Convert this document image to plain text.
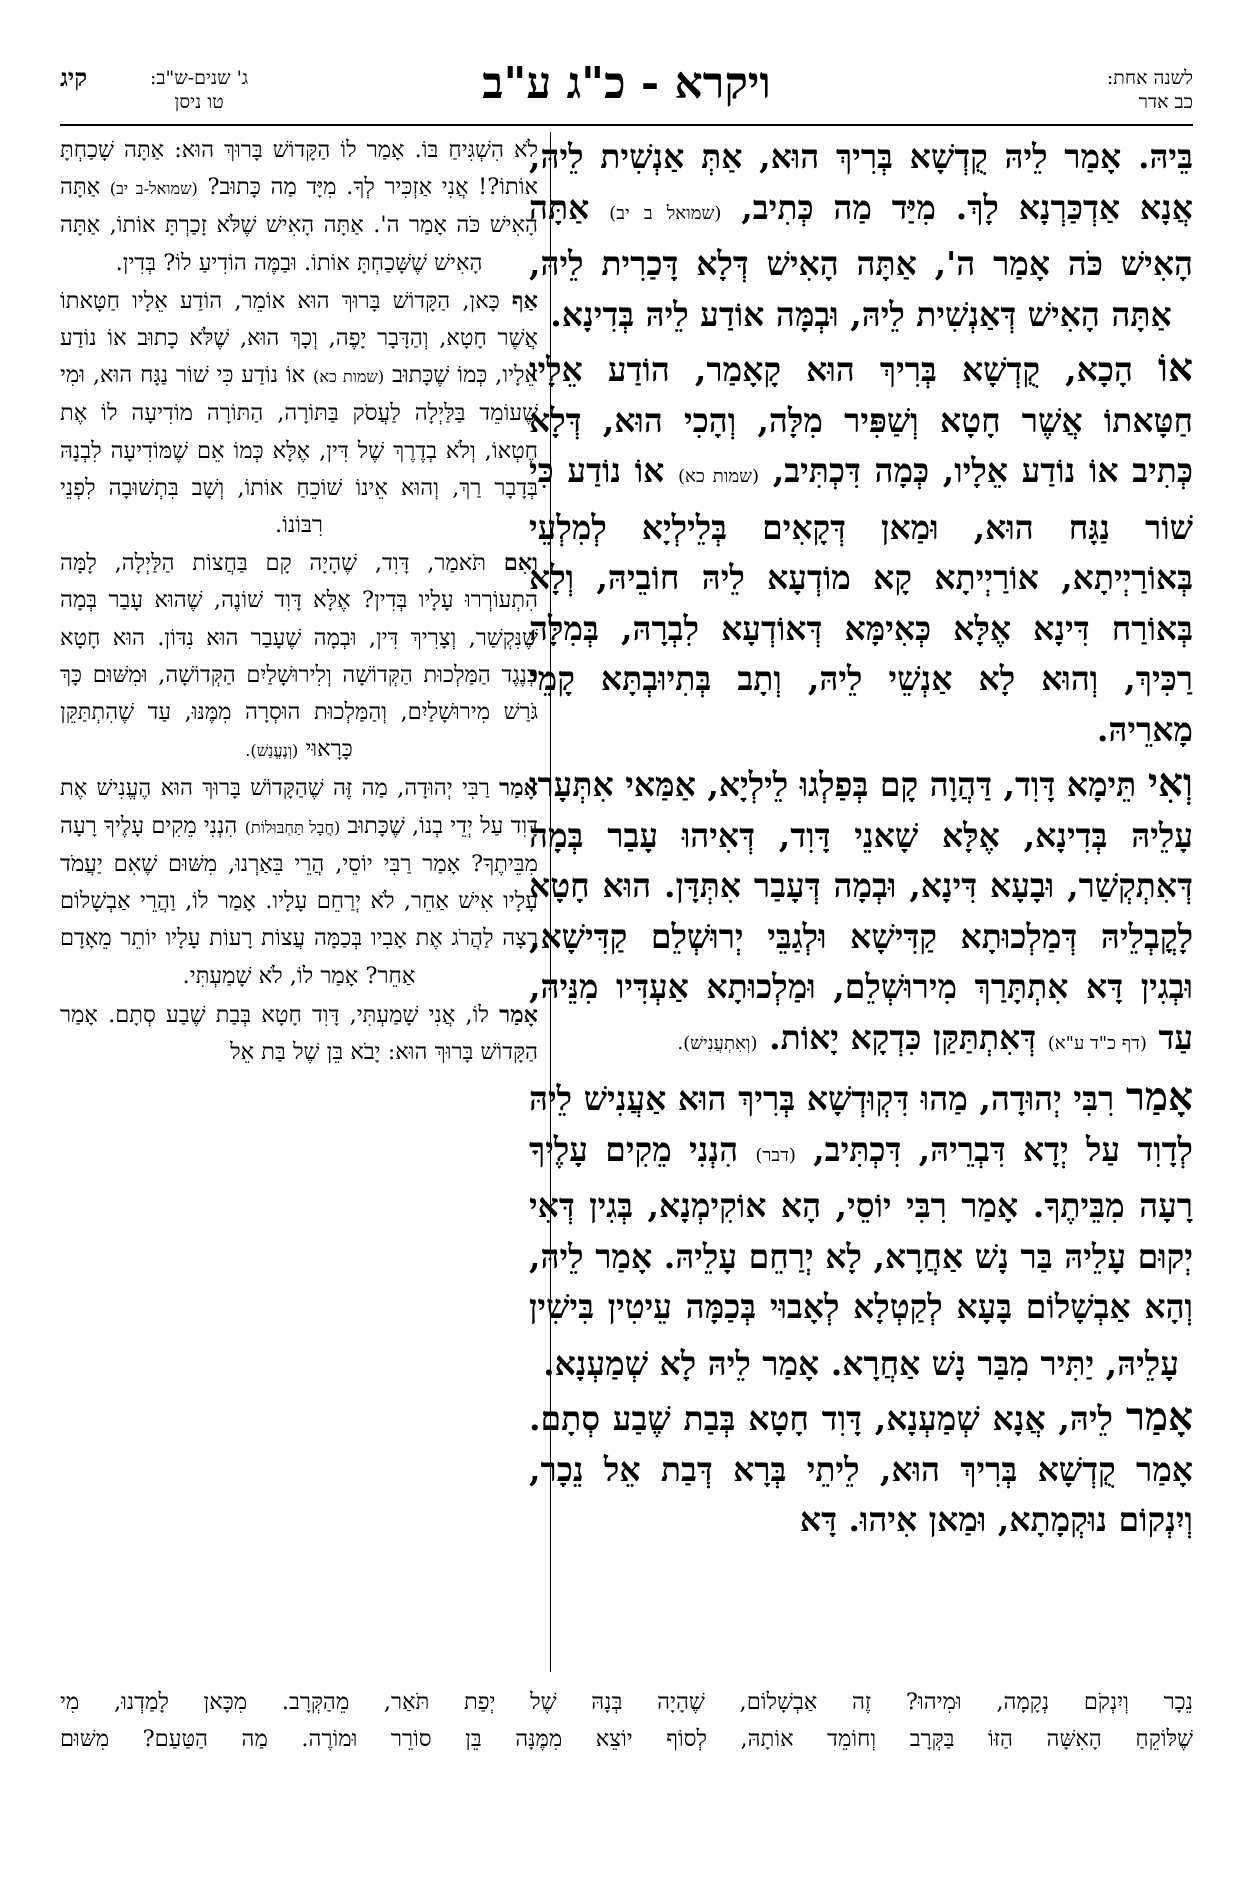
לשנה אחת:
כב אדר
ויקרא - כ"ג ע"ב
קיג	ג' שנים-ש"ב:
טו ניסן

בֵּיהּ. אָמַר לֵיהּ קֻדְשָׁא בְּרִיךְ הוּא, אַתְּ אַנְשִׁית לֵיהּ, אֲנָא אַדְכַּרְנָא לָךְ. מִיַּד מַה כְּתִיב, (שמואל ב יב) אַתָּה הָאִישׁ כֹּה אָמַר ה', אַתָּה הָאִישׁ דְּלָא דָּכַרִית לֵיהּ, אַתָּה הָאִישׁ דְּאַנְשִׁית לֵיהּ, וּבְמָּה אוֹדַע לֵיהּ בְּדִינָא.

אוֹ הָכָא, קֻדְשָׁא בְּרִיךְ הוּא קָאָמַר, הוֹדַע אֵלָיו חַטָּאתוֹ אֲשֶׁר חָטָא וְשַׁפִּיר מִלָּה, וְהָכִי הוּא, דְּלָא כְּתִיב אוֹ נוֹדַע אֵלָיו, כְּמָה דִּכְתִּיב, (שמות כא) אוֹ נוֹדַע כִּי שׁוֹר נַגָּח הוּא, וּמַאן דְּקָאִים בְּלֵילְיָא לְמִלְעֵי בְּאוֹרַיְיתָא, אוֹרַיְיתָא קָא מוֹדְעָא לֵיהּ חוֹבֵיהּ, וְלָא בְּאוֹרַח דִּינָא אֶלָּא כְּאִימָּא דְּאוֹדְעָא לִבְרָהּ, בְּמִלָּה רַכִּיךְ, וְהוּא לָא אַנְשֵׁי לֵיהּ, וְתָב בְּתִיוּבְתָּא קָמֵי מָארֵיהּ.

וְאִי תֵּימָא דָּוִד, דַּהֲוָה קָם בְּפַלְגוּ לֵילְיָא, אַמַּאי אִתְּעָרוּ עָלֵיהּ בְּדִינָא, אֶלָּא שָׁאנֵי דָּוִד, דְּאִיהוּ עָבַר בְּמָה דְּאִתְקְשַׁר, וּבָעָא דִּינָא, וּבְמָה דְּעָבַר אִתְּדָּן. הוּא חָטָא לָקֳבְלֵיהּ דְּמַלְכוּתָא קַדִּישָׁא וּלְגַבֵּי יְרוּשְׁלֵם קַדִּישָׁא, וּבְגִין דָּא אִתְתָּרַךְ מִירוּשְׁלֵם, וּמַלְכוּתָא אַעְדִּיו מִנֵּיהּ, עַד (דף כ"ד ע"א) דְּאִתְתַּקַּן כִּדְקָא יָאוֹת. (וְאִתְעֲנִישׁ).

אָמַר רִבִּי יְהוּדָה, מַהוּ דִּקְוּדְשָׁא בְּרִיךְ הוּא אַעֲנִישׁ לֵיהּ לְדָוִד עַל יְדָא דִּבְרֵיהּ, דִּכְתִּיב, (דבר) הִנְנִי מֵקִים עָלֶיךָ רָעָה מִבֵּיתֶךָ. אָמַר רִבִּי יוֹסֵי, הָא אוֹקִימְנָא, בְּגִין דְּאִי יְקוּם עָלֵיהּ בַּר נָשׁ אַחֲרָא, לָא יְרַחֵם עָלֵיהּ. אָמַר לֵיהּ, וְהָא אַבְשָׁלוֹם בָּעָא לְקַטְלָא לְאָבוּי בְּכַמָּה עֵיטִין בִּישִׁין עָלֵיהּ, יַתִּיר מִבַּר נָשׁ אַחֲרָא. אָמַר לֵיהּ לָא שְׁמַעְנָא.

אָמַר לֵיהּ, אֲנָא שְׁמַעְנָא, דָּוִד חָטָא בְּבַת שֶׁבַע סְתָם. אָמַר קֻדְשָׁא בְּרִיךְ הוּא, לֵיתֵי בְּרָא דְּבַת אֵל נֵכָר, וְיִנְקוֹם נוּקְמָתָא, וּמַאן אִיהוּ. דָּא

לֹא הִשְׁגִּיחַ בּוֹ. אָמַר לוֹ הַקָּדוֹשׁ בָּרוּךְ הוּא: אַתָּה שָׁכַחְתָּ אוֹתוֹ?! אֲנִי אַזְכִּיר לְךָ. מִיָּד מַה כָּתוּב? (שמואל-ב יב) אַתָּה הָאִישׁ כֹּה אָמַר ה'. אַתָּה הָאִישׁ שֶׁלֹּא זָכַרְתָּ אוֹתוֹ, אַתָּה הָאִישׁ שֶׁשָּׁכַחְתָּ אוֹתוֹ. וּבַמֶּה הוֹדִיעַ לוֹ? בְּדִין.

אַף כָּאן, הַקָּדוֹשׁ בָּרוּךְ הוּא אוֹמֵר, הוֹדַע אֵלָיו חַטָּאתוֹ אֲשֶׁר חָטָא, וְהַדָּבָר יָפֶה, וְכָךְ הוּא, שֶׁלֹּא כָתוּב אוֹ נוֹדַע אֵלָיו, כְּמוֹ שֶׁכָּתוּב (שמות כא) אוֹ נוֹדַע כִּי שׁוֹר נַגָּח הוּא, וּמִי שֶׁעוֹמֵד בַּלַּיְלָה לַעֲסֹק בַּתּוֹרָה, הַתּוֹרָה מוֹדִיעָה לוֹ אֶת חֶטְאוֹ, וְלֹא בְדֶרֶךְ שֶׁל דִּין, אֶלָּא כְּמוֹ אֵם שֶׁמּוֹדִיעָה לִבְנָהּ בְּדָבָר רַךְ, וְהוּא אֵינוֹ שׁוֹכֵחַ אוֹתוֹ, וְשָׁב בִּתְשׁוּבָה לִפְנֵי רִבּוֹנוֹ.

וְאִם תֹּאמַר, דָּוִד, שֶׁהָיָה קָם בַּחֲצוֹת הַלַּיְלָה, לָמָּה הִתְעוֹרְרוּ עָלָיו בְּדִין? אֶלָּא דָּוִד שׁוֹנֶה, שֶׁהוּא עָבַר בְּמָה שֶׁנִּקְשַׁר, וְצָרִיךְ דִּין, וּבְמָה שֶׁעָבַר הוּא נִדּוֹן. הוּא חָטָא כְּנֶגֶד הַמַּלְכוּת הַקְּדוֹשָׁה וְלִירוּשָׁלַיִם הַקְּדוֹשָׁה, וּמִשּׁוּם כָּךְ גֹּרַשׁ מִירוּשָׁלַיִם, וְהַמַּלְכוּת הוּסְרָה מִמֶּנּוּ, עַד שֶׁהִתְתַּקֵּן כָּרָאוּי (וְנֶעֱנַשׁ).

אָמַר רַבִּי יְהוּדָה, מַה זֶּה שֶׁהַקָּדוֹשׁ בָּרוּךְ הוּא הֶעֱנִישׁ אֶת דָּוִד עַל יְדֵי בְנוֹ, שֶׁכָּתוּב (חֲבָל תַּחְבּוּלוֹת) הִנְנִי מֵקִים עָלֶיךָ רָעָה מִבֵּיתֶךָ? אָמַר רַבִּי יוֹסֵי, הֲרֵי בֵּאַרְנוּ, מִשּׁוּם שֶׁאִם יַעֲמֹד עָלָיו אִישׁ אַחֵר, לֹא יְרַחֵם עָלָיו. אָמַר לוֹ, וַהֲרֵי אַבְשָׁלוֹם רָצָה לַהֲרֹג אֶת אָבִיו בְּכַמָּה עֲצוֹת רָעוֹת עָלָיו יוֹתֵר מֵאָדָם אַחֵר? אָמַר לוֹ, לֹא שָׁמַעְתִּי.

אָמַר לוֹ, אֲנִי שָׁמַעְתִּי, דָּוִד חָטָא בְּבַת שֶׁבַע סְתָם. אָמַר הַקָּדוֹשׁ בָּרוּךְ הוּא: יָבֹא בֵּן שֶׁל בַּת אֵל

נֵכָר וְיִנְקֹם נְקָמָה, וּמִיהוּ? זֶה אַבְשָׁלוֹם, שֶׁהָיָה בְּנָהּ שֶׁל יְפַת תֹּאַר, מֵהַקְּרָב. מִכָּאן לָמַדְנוּ, מִי
שֶׁלּוֹקֵחַ הָאִשָּׁה הַזּוֹ בַּקְּרָב וְחוֹמֵד אוֹתָהּ, לְסוֹף יוֹצֵא מִמֶּנָּה בֵּן סוֹרֵר וּמוֹרֶה. מַה הַטַּעַם? מִשּׁוּם
